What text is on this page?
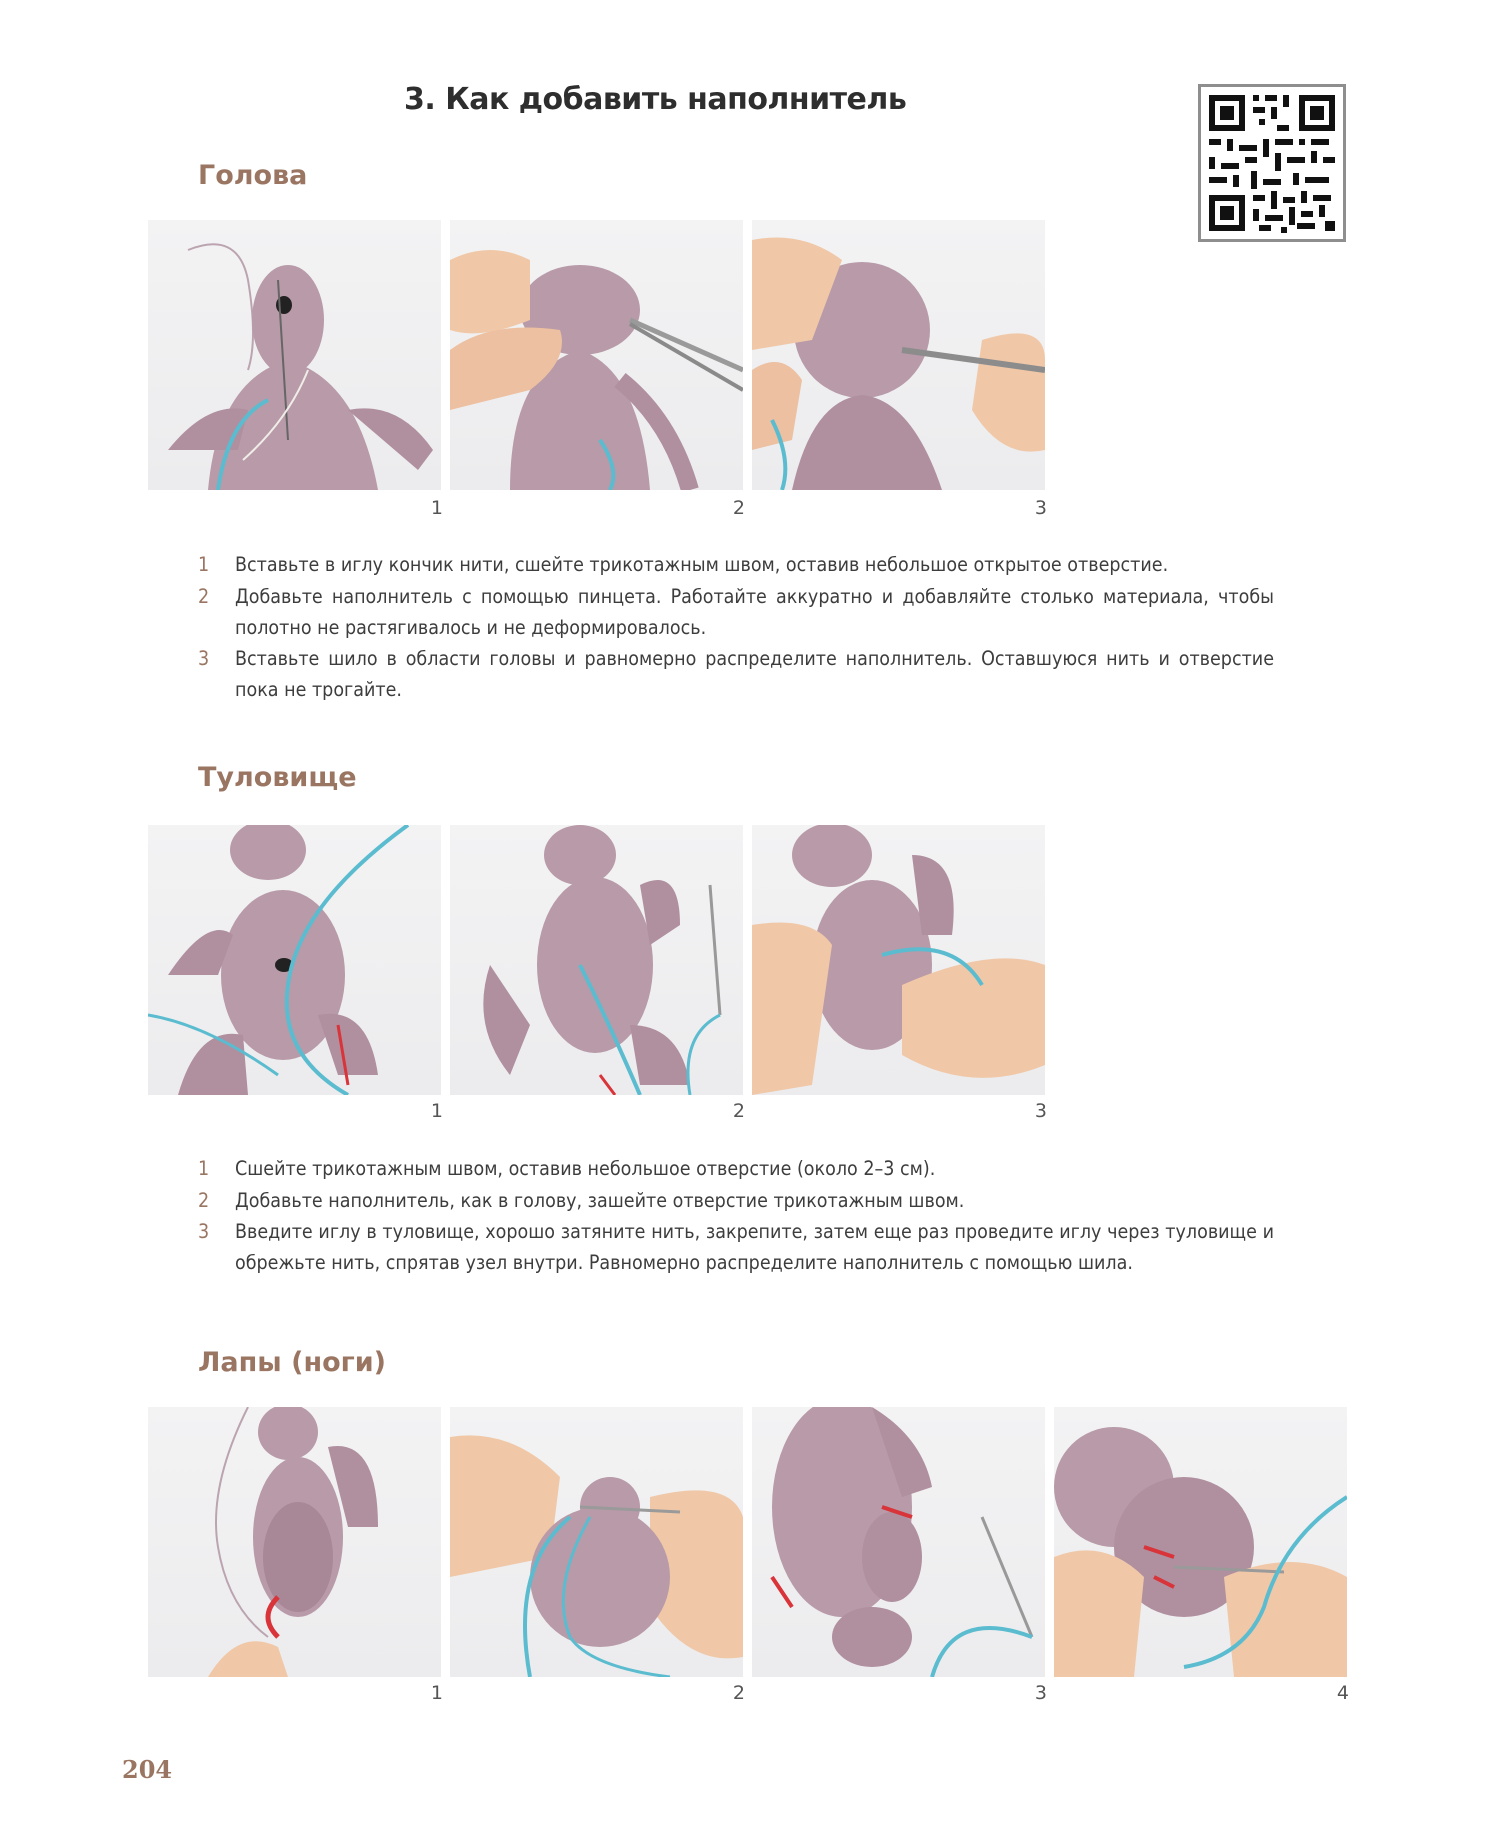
3. Как добавить наполнитель
Голова
1	2	3
1 Вставьте в иглу кончик нити, сшейте трикотажным швом, оставив небольшое открытое отверстие.
2 Добавьте наполнитель с помощью пинцета. Работайте аккуратно и добавляйте столько материала, чтобы полотно не растягивалось и не деформировалось.
3 Вставьте шило в области головы и равномерно распределите наполнитель. Оставшуюся нить и отверстие пока не трогайте.
Туловище
1	2	3
1 Сшейте трикотажным швом, оставив небольшое отверстие (около 2–3 см).
2 Добавьте наполнитель, как в голову, зашейте отверстие трикотажным швом.
3 Введите иглу в туловище, хорошо затяните нить, закрепите, затем еще раз проведите иглу через туловище и обрежьте нить, спрятав узел внутри. Равномерно распределите наполнитель с помощью шила.
Лапы (ноги)
1	2	3	4
204
